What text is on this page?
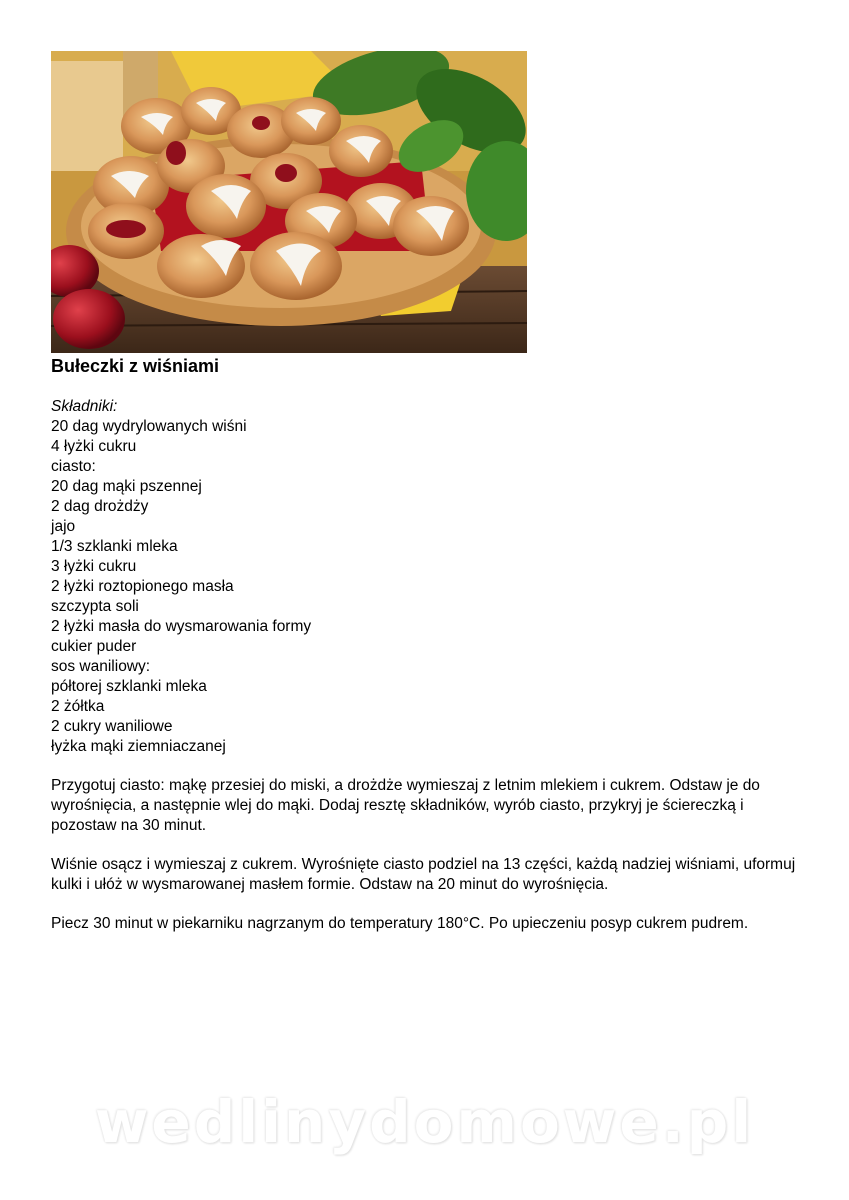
Bułeczki z wiśniami
Składniki:
20 dag wydrylowanych wiśni
4 łyżki cukru
ciasto:
20 dag mąki pszennej
2 dag drożdży
jajo
1/3 szklanki mleka
3 łyżki cukru
2 łyżki roztopionego masła
szczypta soli
2 łyżki masła do wysmarowania formy
cukier puder
sos waniliowy:
półtorej szklanki mleka
2 żółtka
2 cukry waniliowe
łyżka mąki ziemniaczanej

Przygotuj ciasto: mąkę przesiej do miski, a drożdże wymieszaj z letnim mlekiem i cukrem. Odstaw je do wyrośnięcia, a następnie wlej do mąki. Dodaj resztę składników, wyrób ciasto, przykryj je ściereczką i pozostaw na 30 minut.

Wiśnie osącz i wymieszaj z cukrem. Wyrośnięte ciasto podziel na 13 części, każdą nadziej wiśniami, uformuj kulki i ułóż w wysmarowanej masłem formie. Odstaw na 20 minut do wyrośnięcia.

Piecz 30 minut w piekarniku nagrzanym do temperatury 180°C. Po upieczeniu posyp cukrem pudrem.

wedlinydomowe.pl
